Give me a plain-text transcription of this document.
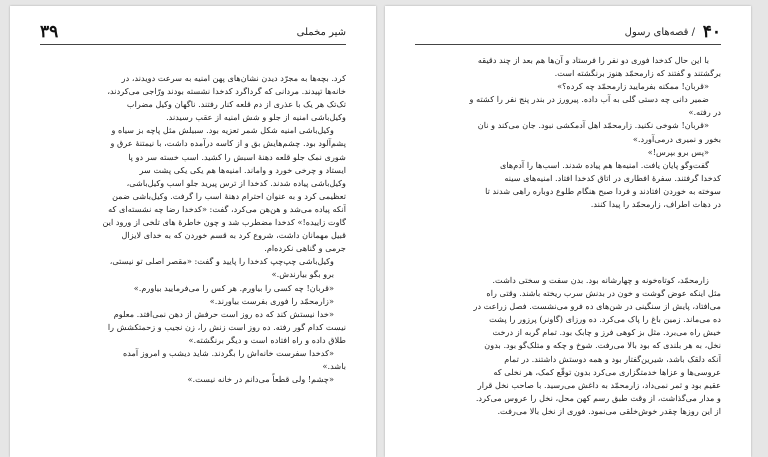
شیر مخملی
۳۹
کرد. بچه‌ها به مجرّد دیدن نشان‌های پهن امنیه به سرعت دویدند، در
خانه‌ها تپیدند. مردانی که گرداگرد کدخدا نشسته بودند ورّاجی می‌کردند،
تک‌تک هر یک با عذری از دم قلعه کنار رفتند. ناگهان وکیل مضراب
وکیل‌باشی امنیه از جلو و شش امنیه از عقب رسیدند.
وکیل‌باشی امنیه شکل شمر تعزیه بود. سبیلش مثل پاچه بز سیاه و
پشم‌آلود بود. چشم‌هایش بق و از کاسه درآمده داشت، با نیمتنهٔ عرق و
شوری نمک‌ جلو قلعه دهنهٔ اسبش را کشید. اسب خسته سر دو پا
ایستاد و چرخی خورد و واماند. امنیه‌ها هم یکی یکی پشت سر
وکیل‌باشی پیاده شدند. کدخدا از ترس پیرید جلو اسب وکیل‌باشی،
تعظیمی کرد و به عنوان احترام دهنهٔ اسب را گرفت. وکیل‌باشی ضمن
آنکه پیاده می‌شد و هن‌هن می‌کرد، گفت: «کدخدا رضا چه نشسته‌ای که
گاوت زاییده!» کدخدا مضطرب شد و چون خاطرهٔ های تلخی از ورود این
قبیل مهمانان داشت، شروع کرد به قسم خوردن که به خدای لایزال
جرمی و گناهی نکرده‌ام.
وکیل‌باشی چپ‌چپ کدخدا را پایید و گفت: «مقصر اصلی تو نیستی،
برو بگو بیارندش.»
«قربان! چه کسی را بیاورم. هر کس را می‌فرمایید بیاورم.»
«زارمحمّد را فوری بفرست بیاورند.»
«خدا نیستش کند که ده روز است حرفش از دهن نمی‌افتد. معلوم
نیست کدام گور رفته. ده روز است زنش را، زن نجیب و زحمتکشش را
طلاق داده و راه افتاده است و دیگر برنگشته.»
«کدخدا سفرست خانه‌اش را بگردند. شاید دیشب و امروز آمده
باشد.»
«چشم! ولی قطعاً می‌دانم در خانه نیست.»
۴۰
/ قصه‌های رسول
با این حال کدخدا فوری دو نفر را فرستاد و آن‌ها هم بعد از چند دقیقه
برگشتند و گفتند که زارمحمّد هنوز برنگشته است.
«قربان! ممکنه بفرمایید زارمحمّد چه کرده؟»
ضمیر دانی چه دستی گلی به آب داده. پیرورز در بندر پنج نفر را کشته و
در رفته.»
«قربان! شوخی نکنید. زارمحمّد اهل آدمکشی نبود. جان می‌کند و نان
بخور و نمیری درمی‌آورد.»
«پس برو بپرس!»
گفت‌وگو پایان یافت. امنیه‌ها هم پیاده شدند. اسب‌ها را آدم‌های
کدخدا گرفتند. سفرهٔ افطاری در اتاق کدخدا افتاد. امنیه‌های سینه
سوخته به خوردن افتادند و فردا صبح هنگام طلوع دوباره راهی شدند تا
در دهات اطراف، زارمحمّد را پیدا کنند.
زارمحمّد، کوتاه‌خونه و چهارشانه بود. بدن سفت و سختی داشت.
مثل اینکه عوض گوشت و خون در بدنش سرب ریخته باشند. وقتی راه
می‌افتاد، پایش از سنگینی در شن‌های ده فرو می‌نشست. فصل زراعت در
ده می‌ماند. زمین باغ را پاک می‌کرد. ده ورزای (گاونر) پرزور را پشت
خیش راه می‌برد. مثل بز کوهی فرز و چابک بود. تمام گربه از درخت
نخل، به هر بلندی که بود بالا می‌رفت. شوخ و چکه و متلک‌گو بود. بدون
آنکه دلقک باشد، شیرین‌گفتار بود و همه دوستش داشتند. در تمام
عروسی‌ها و عزاها خدمتگزاری می‌کرد بدون توقّع کمک، هر نخلی که
عقیم بود و ثمر نمی‌داد، زارمحمّد به داغش می‌رسید. با صاحب نخل قرار
و مدار می‌گذاشت، از وقت طبق رسم کهن محل، نخل را عروس می‌کرد.
از این روزها چقدر خوش‌خلقی می‌نمود. فوری از نخل بالا می‌رفت.
